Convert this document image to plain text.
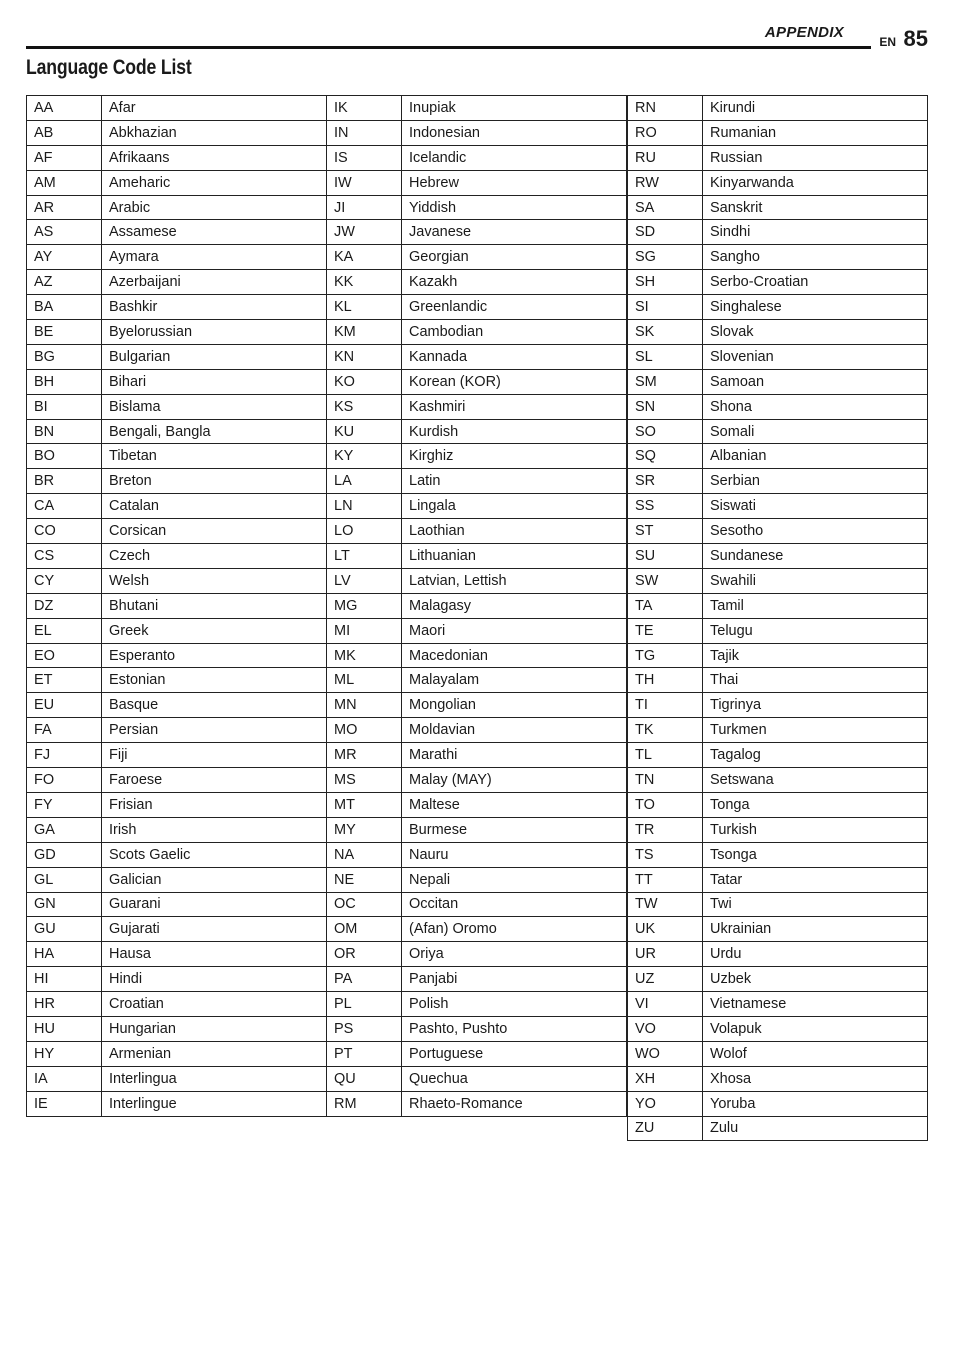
APPENDIX
EN 85
Language Code List
AA	Afar
AB	Abkhazian
AF	Afrikaans
AM	Ameharic
AR	Arabic
AS	Assamese
AY	Aymara
AZ	Azerbaijani
BA	Bashkir
BE	Byelorussian
BG	Bulgarian
BH	Bihari
BI	Bislama
BN	Bengali, Bangla
BO	Tibetan
BR	Breton
CA	Catalan
CO	Corsican
CS	Czech
CY	Welsh
DZ	Bhutani
EL	Greek
EO	Esperanto
ET	Estonian
EU	Basque
FA	Persian
FJ	Fiji
FO	Faroese
FY	Frisian
GA	Irish
GD	Scots Gaelic
GL	Galician
GN	Guarani
GU	Gujarati
HA	Hausa
HI	Hindi
HR	Croatian
HU	Hungarian
HY	Armenian
IA	Interlingua
IE	Interlingue
IK	Inupiak
IN	Indonesian
IS	Icelandic
IW	Hebrew
JI	Yiddish
JW	Javanese
KA	Georgian
KK	Kazakh
KL	Greenlandic
KM	Cambodian
KN	Kannada
KO	Korean (KOR)
KS	Kashmiri
KU	Kurdish
KY	Kirghiz
LA	Latin
LN	Lingala
LO	Laothian
LT	Lithuanian
LV	Latvian, Lettish
MG	Malagasy
MI	Maori
MK	Macedonian
ML	Malayalam
MN	Mongolian
MO	Moldavian
MR	Marathi
MS	Malay (MAY)
MT	Maltese
MY	Burmese
NA	Nauru
NE	Nepali
OC	Occitan
OM	(Afan) Oromo
OR	Oriya
PA	Panjabi
PL	Polish
PS	Pashto, Pushto
PT	Portuguese
QU	Quechua
RM	Rhaeto-Romance
RN	Kirundi
RO	Rumanian
RU	Russian
RW	Kinyarwanda
SA	Sanskrit
SD	Sindhi
SG	Sangho
SH	Serbo-Croatian
SI	Singhalese
SK	Slovak
SL	Slovenian
SM	Samoan
SN	Shona
SO	Somali
SQ	Albanian
SR	Serbian
SS	Siswati
ST	Sesotho
SU	Sundanese
SW	Swahili
TA	Tamil
TE	Telugu
TG	Tajik
TH	Thai
TI	Tigrinya
TK	Turkmen
TL	Tagalog
TN	Setswana
TO	Tonga
TR	Turkish
TS	Tsonga
TT	Tatar
TW	Twi
UK	Ukrainian
UR	Urdu
UZ	Uzbek
VI	Vietnamese
VO	Volapuk
WO	Wolof
XH	Xhosa
YO	Yoruba
ZU	Zulu
